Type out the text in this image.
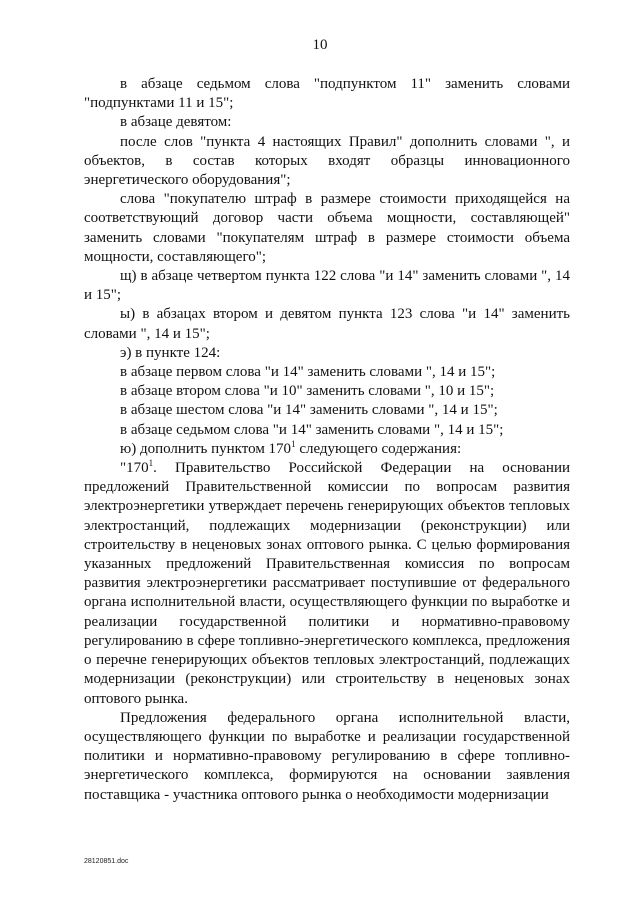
10

в абзаце седьмом слова "подпунктом 11" заменить словами "подпунктами 11 и 15";

в абзаце девятом:

после слов "пункта 4 настоящих Правил" дополнить словами ", и объектов, в состав которых входят образцы инновационного энергетического оборудования";

слова "покупателю штраф в размере стоимости приходящейся на соответствующий договор части объема мощности, составляющей" заменить словами "покупателям штраф в размере стоимости объема мощности, составляющего";

щ) в абзаце четвертом пункта 122 слова "и 14" заменить словами ", 14 и 15";

ы) в абзацах втором и девятом пункта 123 слова "и 14" заменить словами ", 14 и 15";

э) в пункте 124:

в абзаце первом слова "и 14" заменить словами ", 14 и 15";

в абзаце втором слова "и 10" заменить словами ", 10 и 15";

в абзаце шестом слова "и 14" заменить словами ", 14 и 15";

в абзаце седьмом слова "и 14" заменить словами ", 14 и 15";

ю) дополнить пунктом $170^1$ следующего содержания:

"$170^1$. Правительство Российской Федерации на основании предложений Правительственной комиссии по вопросам развития электроэнергетики утверждает перечень генерирующих объектов тепловых электростанций, подлежащих модернизации (реконструкции) или строительству в неценовых зонах оптового рынка. С целью формирования указанных предложений Правительственная комиссия по вопросам развития электроэнергетики рассматривает поступившие от федерального органа исполнительной власти, осуществляющего функции по выработке и реализации государственной политики и нормативно-правовому регулированию в сфере топливно-энергетического комплекса, предложения о перечне генерирующих объектов тепловых электростанций, подлежащих модернизации (реконструкции) или строительству в неценовых зонах оптового рынка.

Предложения федерального органа исполнительной власти, осуществляющего функции по выработке и реализации государственной политики и нормативно-правовому регулированию в сфере топливно-энергетического комплекса, формируются на основании заявления поставщика - участника оптового рынка о необходимости модернизации

28120851.doc
